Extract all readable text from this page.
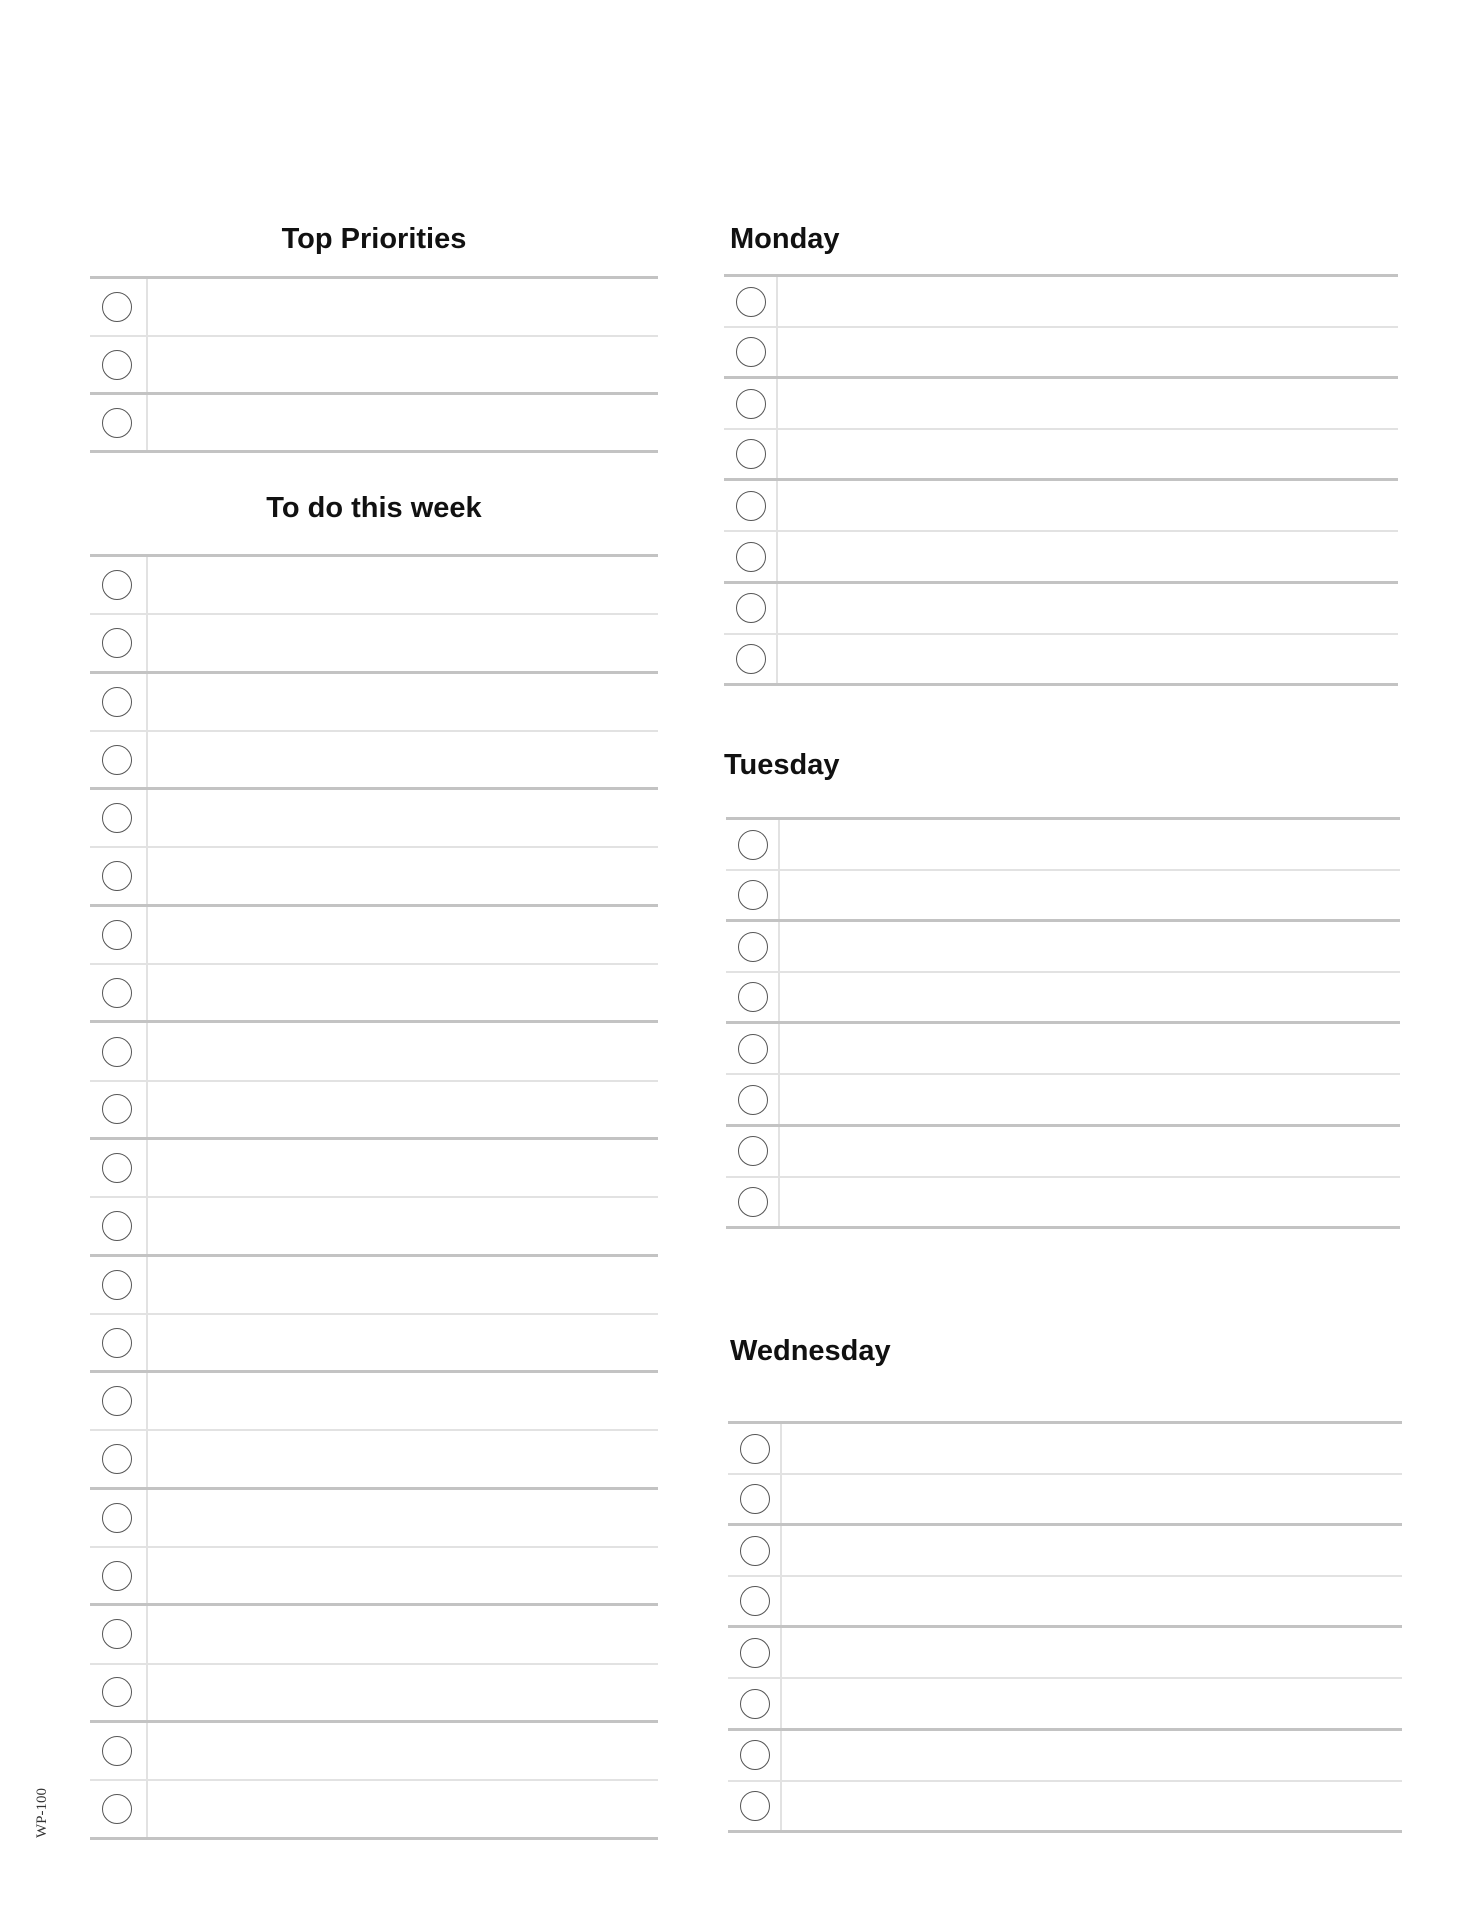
Top Priorities
To do this week
Monday
Tuesday
Wednesday
WP-100
